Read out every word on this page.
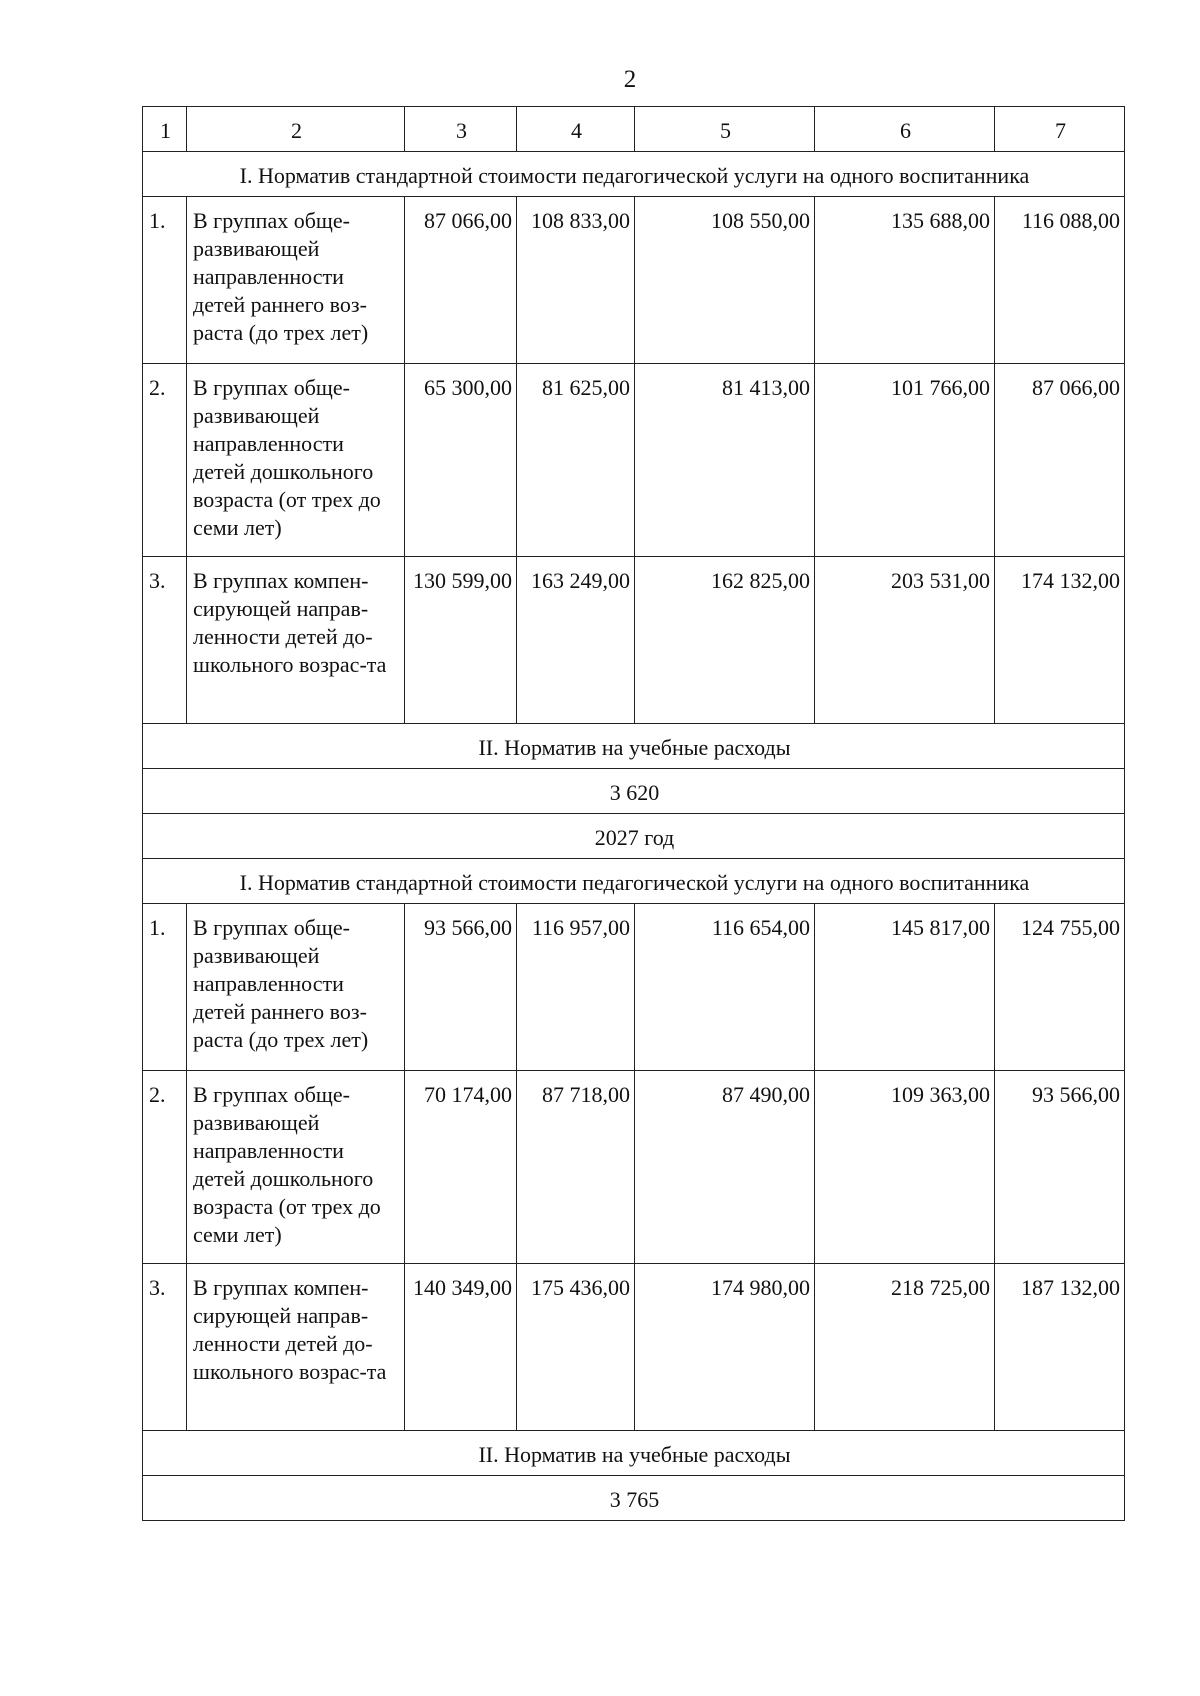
2
1	2	3	4	5	6	7
I. Норматив стандартной стоимости педагогической услуги на одного воспитанника						
1.	В группах обще-развивающей направленности детей раннего воз-раста (до трех лет)	87 066,00	108 833,00	108 550,00	135 688,00	116 088,00
2.	В группах обще-развивающей направленности детей дошкольного возраста (от трех до семи лет)	65 300,00	81 625,00	81 413,00	101 766,00	87 066,00
3.	В группах компен-сирующей направ-ленности детей до-школьного возрас-та	130 599,00	163 249,00	162 825,00	203 531,00	174 132,00
II. Норматив на учебные расходы						
3 620						
2027 год						
I. Норматив стандартной стоимости педагогической услуги на одного воспитанника						
1.	В группах обще-развивающей направленности детей раннего воз-раста (до трех лет)	93 566,00	116 957,00	116 654,00	145 817,00	124 755,00
2.	В группах обще-развивающей направленности детей дошкольного возраста (от трех до семи лет)	70 174,00	87 718,00	87 490,00	109 363,00	93 566,00
3.	В группах компен-сирующей направ-ленности детей до-школьного возрас-та	140 349,00	175 436,00	174 980,00	218 725,00	187 132,00
II. Норматив на учебные расходы						
3 765						
